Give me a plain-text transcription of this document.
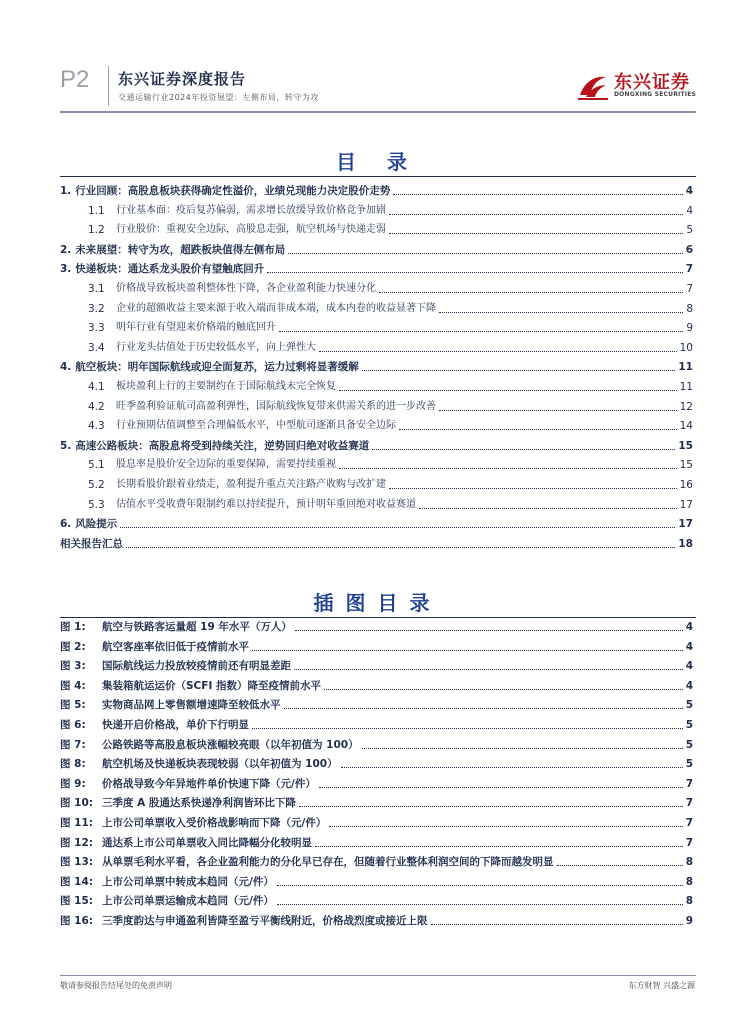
P2 东兴证券深度报告
交通运输行业2024年投资展望：左侧布局，转守为攻
东兴证券
DONGXING SECURITIES
目 录
1. 行业回顾：高股息板块获得确定性溢价，业绩兑现能力决定股价走势	4
1.1	行业基本面：疫后复苏偏弱，需求增长放缓导致价格竞争加剧	4
1.2	行业股价：重视安全边际，高股息走强，航空机场与快递走弱	5
2. 未来展望：转守为攻，超跌板块值得左侧布局	6
3. 快递板块：通达系龙头股价有望触底回升	7
3.1	价格战导致板块盈利整体性下降，各企业盈利能力快速分化	7
3.2	企业的超额收益主要来源于收入端而非成本端，成本内卷的收益显著下降	8
3.3	明年行业有望迎来价格端的触底回升	9
3.4	行业龙头估值处于历史较低水平，向上弹性大	10
4. 航空板块：明年国际航线或迎全面复苏，运力过剩将显著缓解	11
4.1	板块盈利上行的主要制约在于国际航线未完全恢复	11
4.2	旺季盈利验证航司高盈利弹性，国际航线恢复带来供需关系的进一步改善	12
4.3	行业预期估值调整至合理偏低水平，中型航司逐渐具备安全边际	14
5. 高速公路板块：高股息将受到持续关注，逆势回归绝对收益赛道	15
5.1	股息率是股价安全边际的重要保障，需要持续重视	15
5.2	长期看股价跟着业绩走，盈利提升重点关注路产收购与改扩建	16
5.3	估值水平受收费年限制约难以持续提升，预计明年重回绝对收益赛道	17
6. 风险提示	17
相关报告汇总	18
插图目录
图 1:	航空与铁路客运量超 19 年水平（万人）	4
图 2:	航空客座率依旧低于疫情前水平	4
图 3:	国际航线运力投放较疫情前还有明显差距	4
图 4:	集装箱航运运价（SCFI 指数）降至疫情前水平	4
图 5:	实物商品网上零售额增速降至较低水平	5
图 6:	快递开启价格战，单价下行明显	5
图 7:	公路铁路等高股息板块涨幅较亮眼（以年初值为 100）	5
图 8:	航空机场及快递板块表现较弱（以年初值为 100）	5
图 9:	价格战导致今年异地件单价快速下降（元/件）	7
图 10: 三季度 A 股通达系快递净利润皆环比下降	7
图 11: 上市公司单票收入受价格战影响而下降（元/件）	7
图 12: 通达系上市公司单票收入同比降幅分化较明显	7
图 13: 从单票毛利水平看，各企业盈利能力的分化早已存在，但随着行业整体利润空间的下降而越发明显	8
图 14: 上市公司单票中转成本趋同（元/件）	8
图 15: 上市公司单票运输成本趋同（元/件）	8
图 16: 三季度韵达与申通盈利皆降至盈亏平衡线附近，价格战烈度或接近上限	9
敬请参阅报告结尾处的免责声明	东方财智 兴盛之源
